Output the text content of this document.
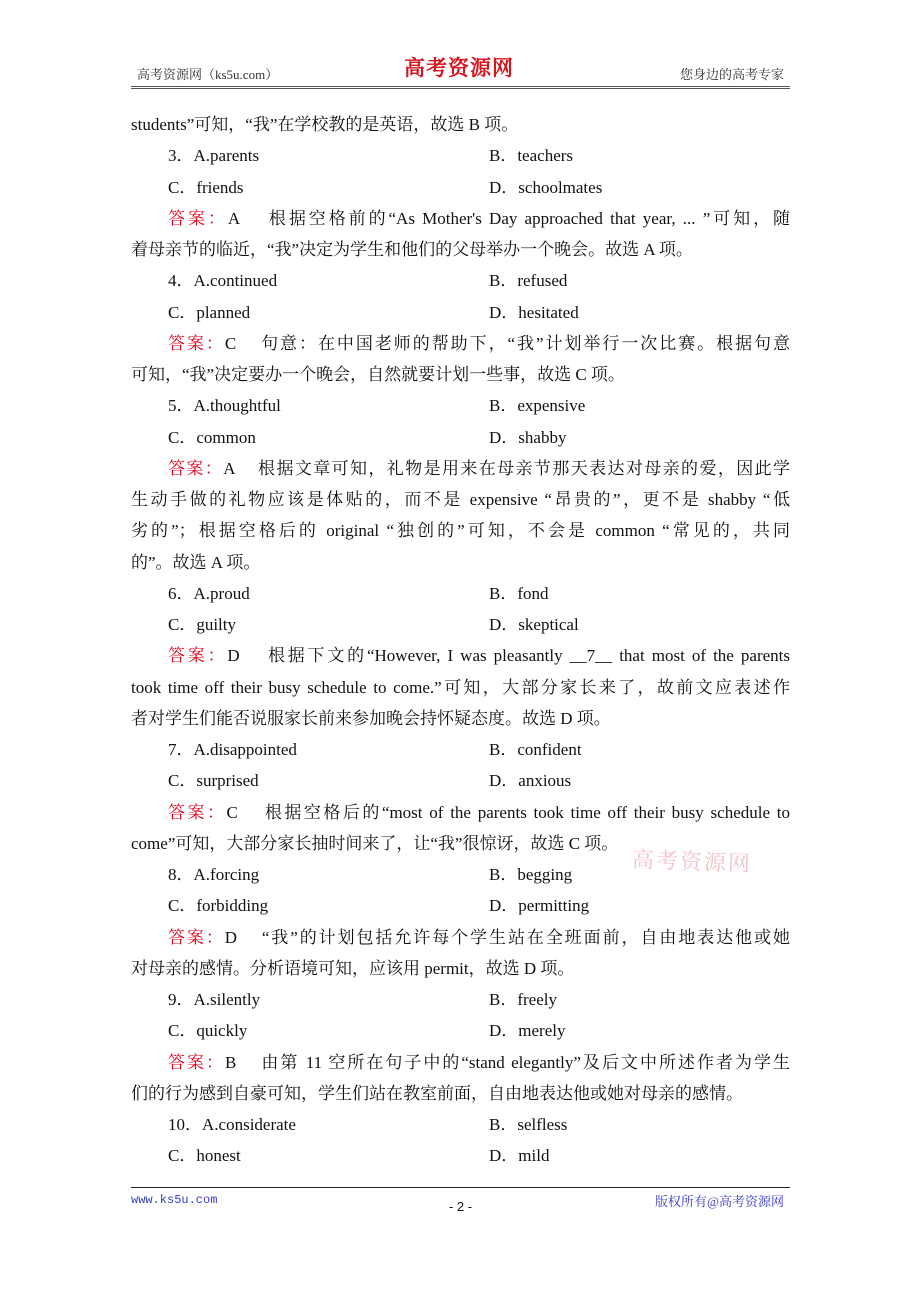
高考资源网（ks5u.com）	您身边的高考专家
高考资源网
students”可知，“我”在学校教的是英语，故选 B 项。
3．A.parents	B．teachers
C．friends	D．schoolmates
答案：A 根据空格前的“As Mother's Day approached that year, ... ”可知，随
着母亲节的临近，“我”决定为学生和他们的父母举办一个晚会。故选 A 项。
4．A.continued	B．refused
C．planned	D．hesitated
答案：C 句意：在中国老师的帮助下，“我”计划举行一次比赛。根据句意
可知，“我”决定要办一个晚会，自然就要计划一些事，故选 C 项。
5．A.thoughtful	B．expensive
C．common	D．shabby
答案：A 根据文章可知，礼物是用来在母亲节那天表达对母亲的爱，因此学
生动手做的礼物应该是体贴的，而不是 expensive “昂贵的”，更不是 shabby “低
劣的”；根据空格后的 original “独创的”可知，不会是 common “常见的，共同
的”。故选 A 项。
6．A.proud	B．fond
C．guilty	D．skeptical
答案：D 根据下文的“However, I was pleasantly __7__ that most of the parents
took time off their busy schedule to come.”可知，大部分家长来了，故前文应表述作
者对学生们能否说服家长前来参加晚会持怀疑态度。故选 D 项。
7．A.disappointed	B．confident
C．surprised	D．anxious
答案：C 根据空格后的“most of the parents took time off their busy schedule to
come”可知，大部分家长抽时间来了，让“我”很惊讶，故选 C 项。
8．A.forcing	B．begging
C．forbidding	D．permitting
答案：D “我”的计划包括允许每个学生站在全班面前，自由地表达他或她
对母亲的感情。分析语境可知，应该用 permit，故选 D 项。
9．A.silently	B．freely
C．quickly	D．merely
答案：B 由第 11 空所在句子中的“stand elegantly”及后文中所述作者为学生
们的行为感到自豪可知，学生们站在教室前面，自由地表达他或她对母亲的感情。
10．A.considerate	B．selfless
C．honest	D．mild
高考资源网
www.ks5u.com	- 2 -	版权所有@高考资源网
